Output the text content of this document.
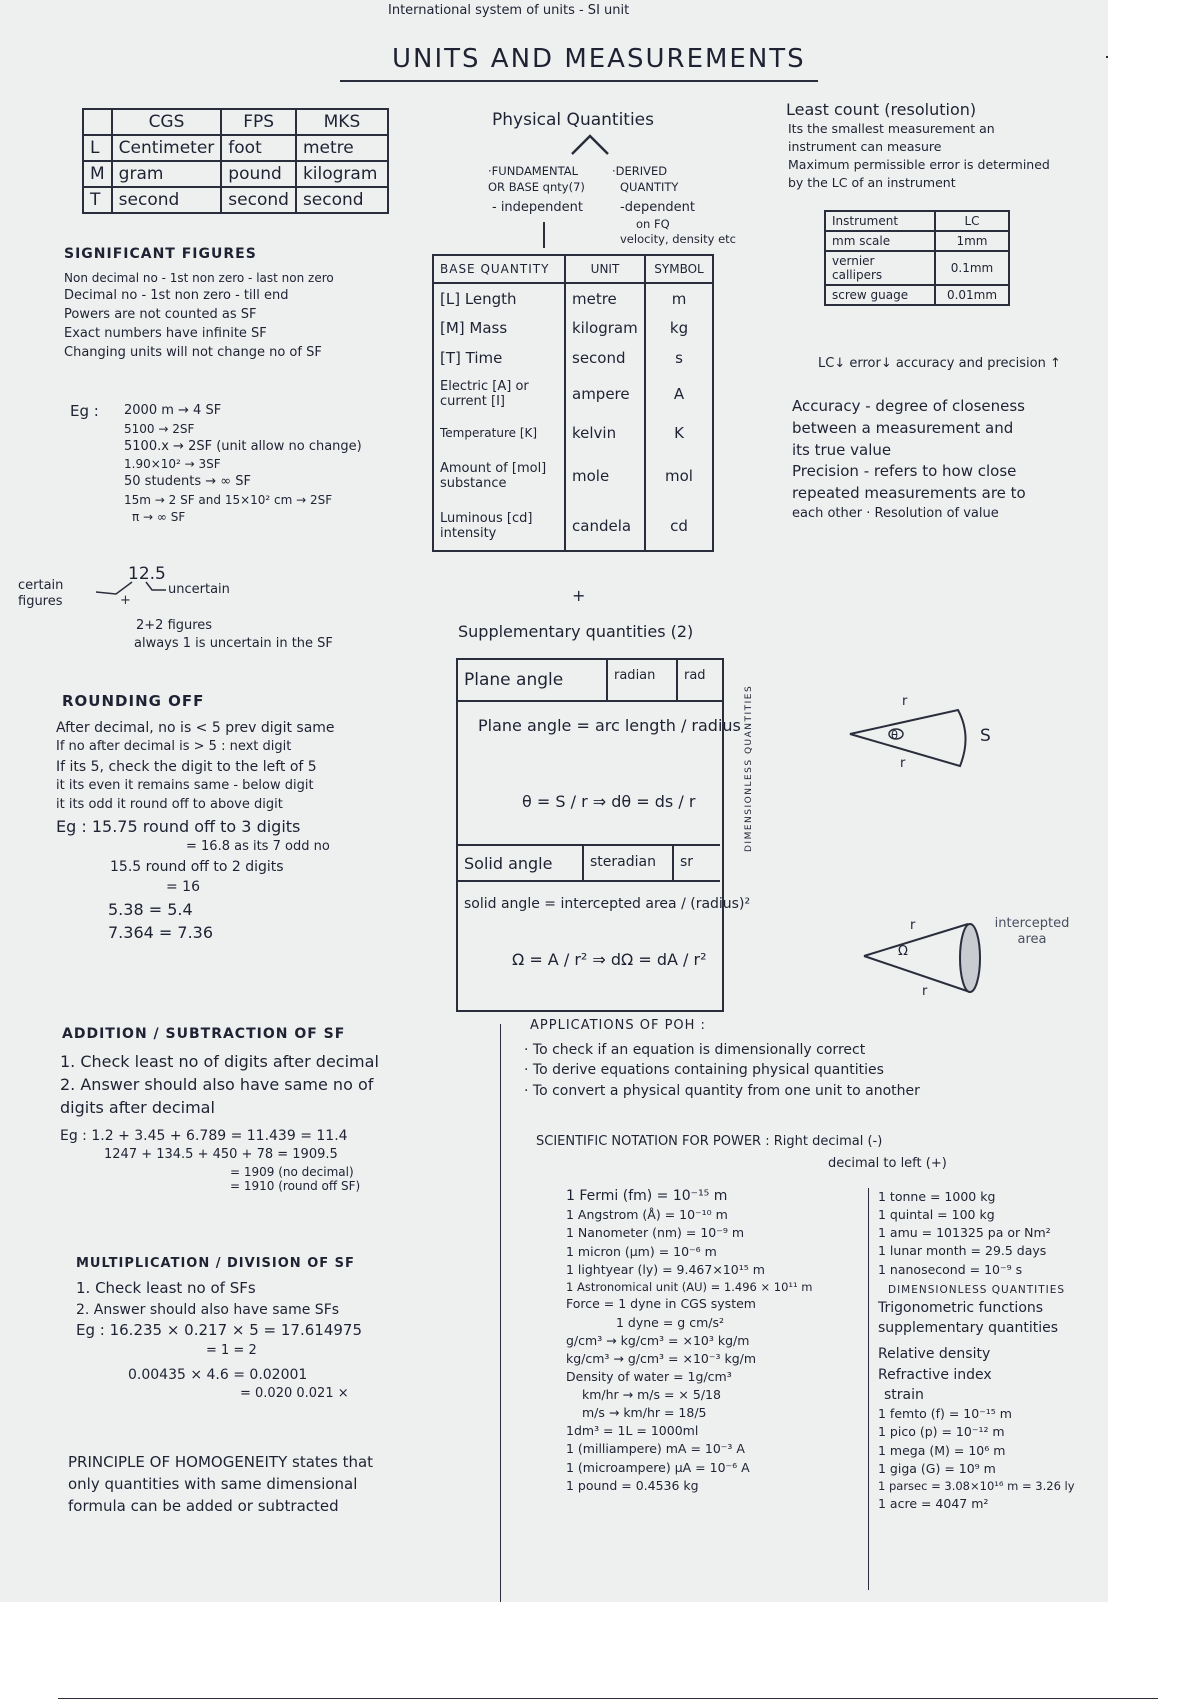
International system of units - SI unit
UNITS AND MEASUREMENTS
	CGS	FPS	MKS
L	Centimeter	foot	metre
M	gram	pound	kilogram
T	second	second	second
Physical Quantities
·FUNDAMENTAL
OR BASE qnty(7)
- independent
·DERIVED
QUANTITY
-dependent
on FQ
velocity, density etc
Least count (resolution)
Its the smallest measurement an
instrument can measure
Maximum permissible error is determined
by the LC of an instrument
Instrument	LC
mm scale	1mm
vernier callipers	0.1mm
screw guage	0.01mm
LC↓ error↓ accuracy and precision ↑
Accuracy - degree of closeness
between a measurement and
its true value
Precision - refers to how close
repeated measurements are to
each other · Resolution of value
BASE QUANTITY	UNIT	SYMBOL
[L] Length	metre	m
[M] Mass	kilogram	kg
[T] Time	second	s
Electric [A] or current [I]	ampere	A
Temperature [K]	kelvin	K
Amount of [mol] substance	mole	mol
Luminous [cd] intensity	candela	cd
+
SIGNIFICANT FIGURES
Non decimal no - 1st non zero - last non zero
Decimal no - 1st non zero - till end
Powers are not counted as SF
Exact numbers have infinite SF
Changing units will not change no of SF
Eg : 2000 m → 4 SF
5100 → 2SF
5100.x → 2SF (unit allow no change)
1.90×10² → 3SF
50 students → ∞ SF
15m → 2 SF and 15×10² cm → 2SF
π → ∞ SF
12.5
certain figures
uncertain
+
2+2 figures
always 1 is uncertain in the SF
ROUNDING OFF
After decimal, no is < 5 prev digit same
If no after decimal is > 5 : next digit
If its 5, check the digit to the left of 5
it its even it remains same - below digit
it its odd it round off to above digit
Eg : 15.75 round off to 3 digits
= 16.8 as its 7 odd no
15.5 round off to 2 digits
= 16
5.38 = 5.4
7.364 = 7.36
Supplementary quantities (2)
Plane angle	radian rad
Plane angle = arc length / radius
θ = S / r ⇒ dθ = ds / r
Solid angle	steradian sr
solid angle = intercepted area / (radius)²
Ω = A / r² ⇒ dΩ = dA / r²
DIMENSIONLESS QUANTITIES	r
θ
r
S
r
Ω
r
intercepted area
ADDITION / SUBTRACTION OF SF
1. Check least no of digits after decimal
2. Answer should also have same no of
digits after decimal
Eg : 1.2 + 3.45 + 6.789 = 11.439 = 11.4
1247 + 134.5 + 450 + 78 = 1909.5
= 1909 (no decimal)
= 1910 (round off SF)
MULTIPLICATION / DIVISION OF SF
1. Check least no of SFs
2. Answer should also have same SFs
Eg : 16.235 × 0.217 × 5 = 17.614975
= 1 = 2
0.00435 × 4.6 = 0.02001
= 0.020 0.021 ×
PRINCIPLE OF HOMOGENEITY states that
only quantities with same dimensional
formula can be added or subtracted
APPLICATIONS OF POH :
· To check if an equation is dimensionally correct
· To derive equations containing physical quantities
· To convert a physical quantity from one unit to another
SCIENTIFIC NOTATION FOR POWER : Right decimal (-)
decimal to left (+)
1 Fermi (fm) = 10⁻¹⁵ m
1 Angstrom (Å) = 10⁻¹⁰ m
1 Nanometer (nm) = 10⁻⁹ m
1 micron (μm) = 10⁻⁶ m
1 lightyear (ly) = 9.467×10¹⁵ m
1 Astronomical unit (AU) = 1.496 × 10¹¹ m
Force = 1 dyne in CGS system
1 dyne = g cm/s²
g/cm³ → kg/cm³ = ×10³ kg/m
kg/cm³ → g/cm³ = ×10⁻³ kg/m
Density of water = 1g/cm³
km/hr → m/s = × 5/18
m/s → km/hr = 18/5
1dm³ = 1L = 1000ml
1 (milliampere) mA = 10⁻³ A
1 (microampere) μA = 10⁻⁶ A
1 pound = 0.4536 kg
1 tonne = 1000 kg
1 quintal = 100 kg
1 amu = 101325 pa or Nm²
1 lunar month = 29.5 days
1 nanosecond = 10⁻⁹ s
DIMENSIONLESS QUANTITIES
Trigonometric functions
supplementary quantities
Relative density
Refractive index
strain
1 femto (f) = 10⁻¹⁵ m
1 pico (p) = 10⁻¹² m
1 mega (M) = 10⁶ m
1 giga (G) = 10⁹ m
1 parsec = 3.08×10¹⁶ m = 3.26 ly
1 acre = 4047 m²
